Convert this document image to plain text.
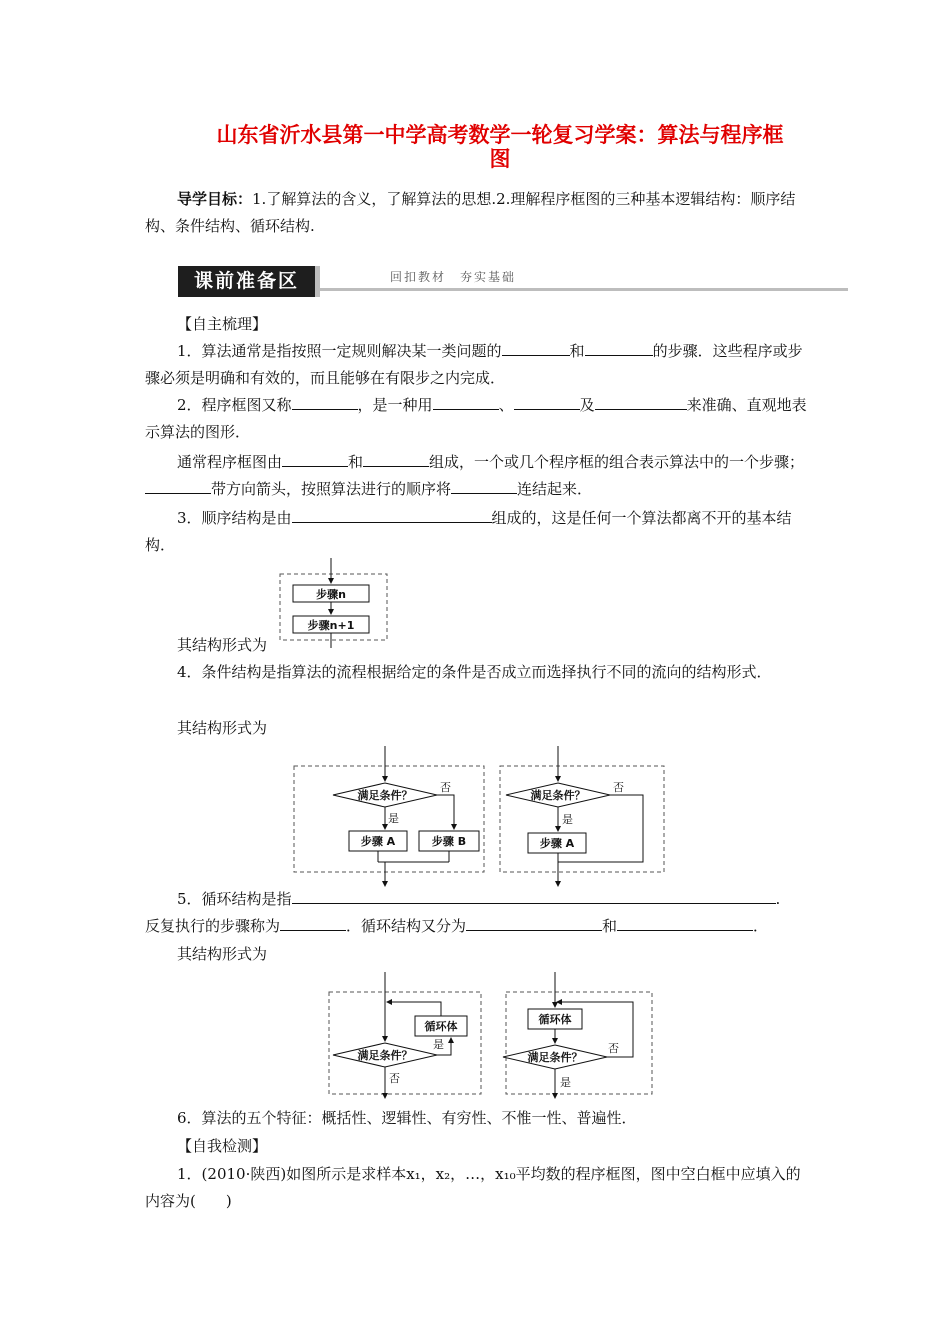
山东省沂水县第一中学高考数学一轮复习学案：算法与程序框
图
导学目标：1.了解算法的含义，了解算法的思想.2.理解程序框图的三种基本逻辑结构：顺序结构、条件结构、循环结构.
课前准备区	回扣教材　夯实基础
【自主梳理】
1．算法通常是指按照一定规则解决某一类问题的	和	的步骤．这些程序或步骤必须是明确和有效的，而且能够在有限步之内完成．
2．程序框图又称	，是一种用	、	及	来准确、直观地表示算法的图形．
通常程序框图由	和	组成，一个或几个程序框的组合表示算法中的一个步骤；带方向箭头，按照算法进行的顺序将	连结起来．
3．顺序结构是由	组成的，这是任何一个算法都离不开的基本结构．
步骤n
步骤n+1
其结构形式为
4．条件结构是指算法的流程根据给定的条件是否成立而选择执行不同的流向的结构形式．
其结构形式为
满足条件？
否
是
步骤 A	步骤 B
满足条件？
否
是
步骤 A
5．循环结构是指	.
反复执行的步骤称为	．循环结构又分为	和	．
其结构形式为
满足条件？
循环体
是
否
循环体
满足条件？
否
是
6．算法的五个特征：概括性、逻辑性、有穷性、不惟一性、普遍性．
【自我检测】
1．(2010·陕西)如图所示是求样本x₁，x₂，…，x₁₀平均数的程序框图，图中空白框中应填入的内容为(　　)
